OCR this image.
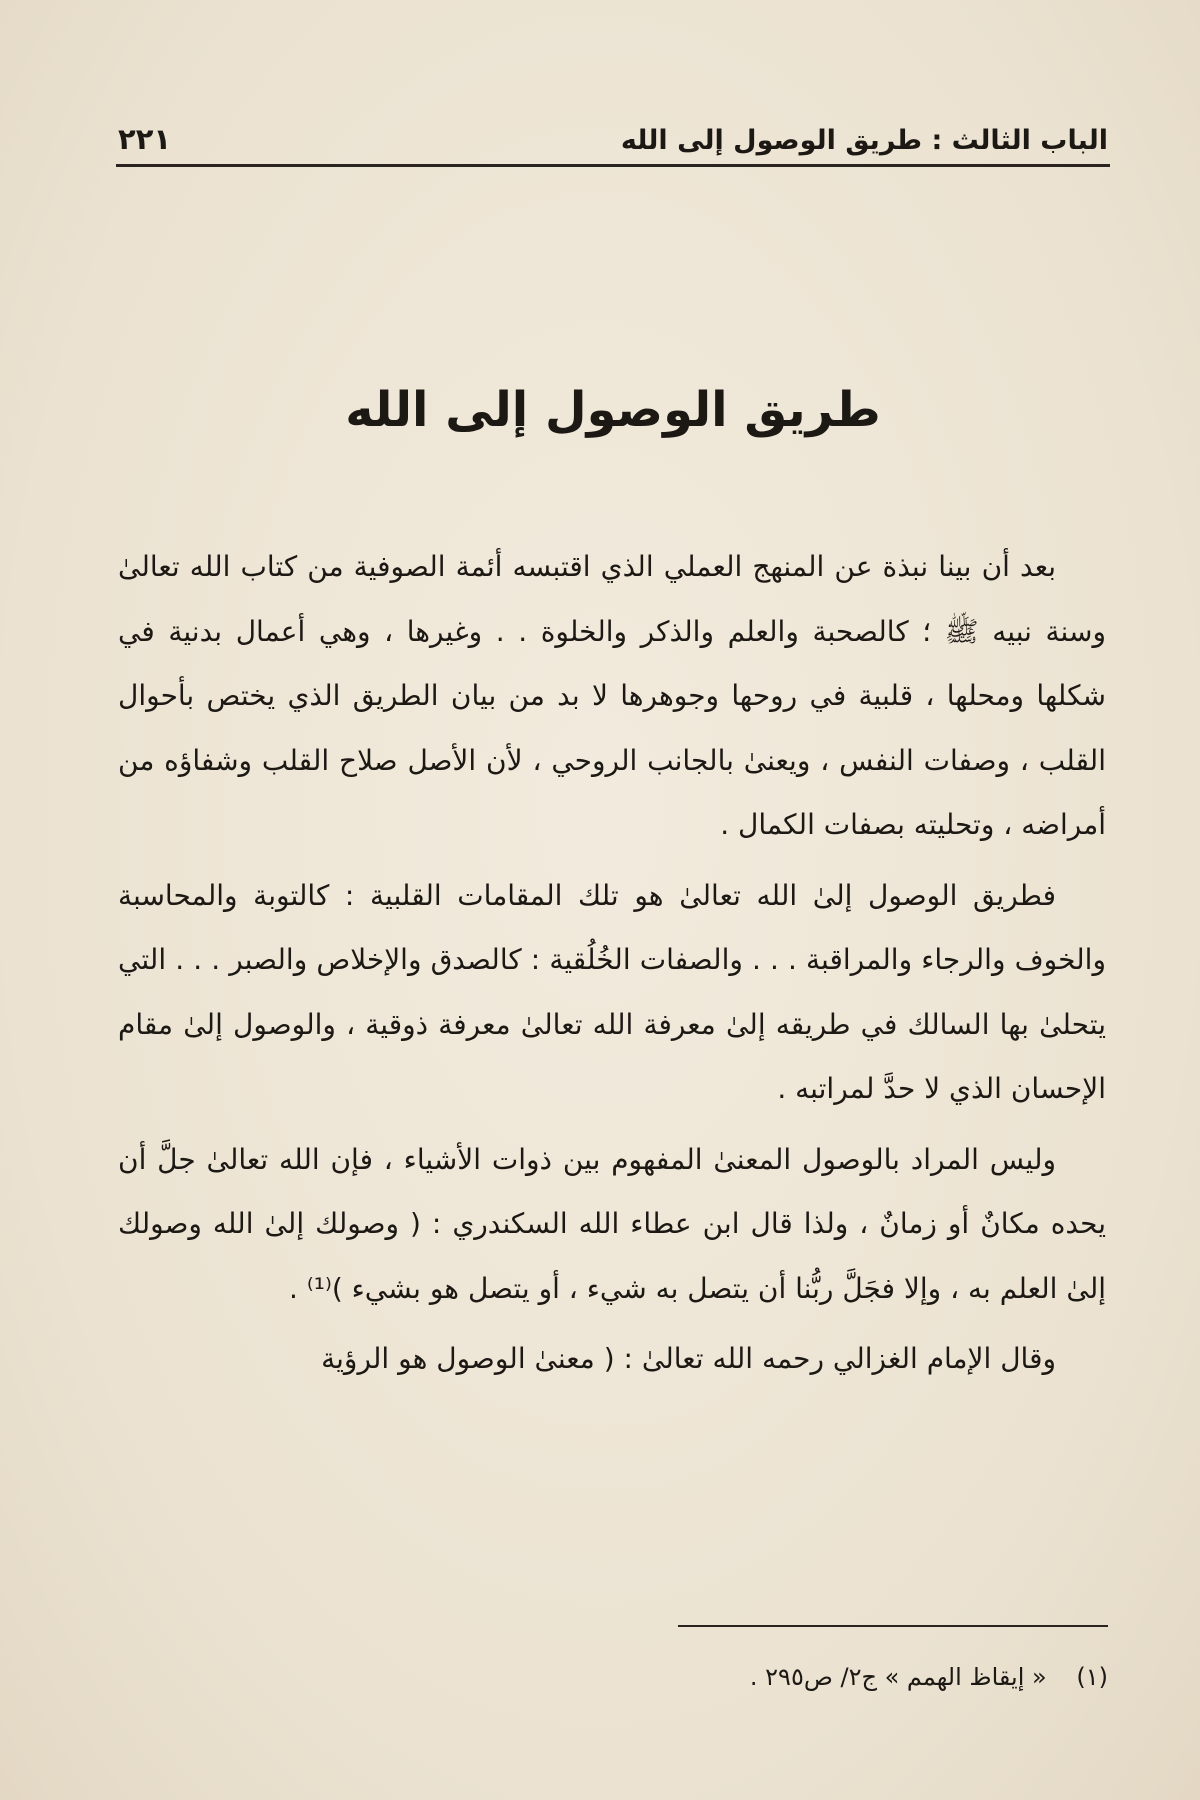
الباب الثالث : طريق الوصول إلى الله
٢٢١
طريق الوصول إلى الله

بعد أن بينا نبذة عن المنهج العملي الذي اقتبسه أئمة الصوفية من كتاب الله تعالىٰ وسنة نبيه ﷺ ؛ كالصحبة والعلم والذكر والخلوة . . وغيرها ، وهي أعمال بدنية في شكلها ومحلها ، قلبية في روحها وجوهرها لا بد من بيان الطريق الذي يختص بأحوال القلب ، وصفات النفس ، ويعنىٰ بالجانب الروحي ، لأن الأصل صلاح القلب وشفاؤه من أمراضه ، وتحليته بصفات الكمال .

فطريق الوصول إلىٰ الله تعالىٰ هو تلك المقامات القلبية : كالتوبة والمحاسبة والخوف والرجاء والمراقبة . . . والصفات الخُلُقية : كالصدق والإخلاص والصبر . . . التي يتحلىٰ بها السالك في طريقه إلىٰ معرفة الله تعالىٰ معرفة ذوقية ، والوصول إلىٰ مقام الإحسان الذي لا حدَّ لمراتبه .

وليس المراد بالوصول المعنىٰ المفهوم بين ذوات الأشياء ، فإن الله تعالىٰ جلَّ أن يحده مكانٌ أو زمانٌ ، ولذا قال ابن عطاء الله السكندري : ( وصولك إلىٰ الله وصولك إلىٰ العلم به ، وإلا فجَلَّ ربُّنا أن يتصل به شيء ، أو يتصل هو بشيء )⁽¹⁾ .

وقال الإمام الغزالي رحمه الله تعالىٰ : ( معنىٰ الوصول هو الرؤية

(١) « إيقاظ الهمم » ج٢/ ص٢٩٥ .
